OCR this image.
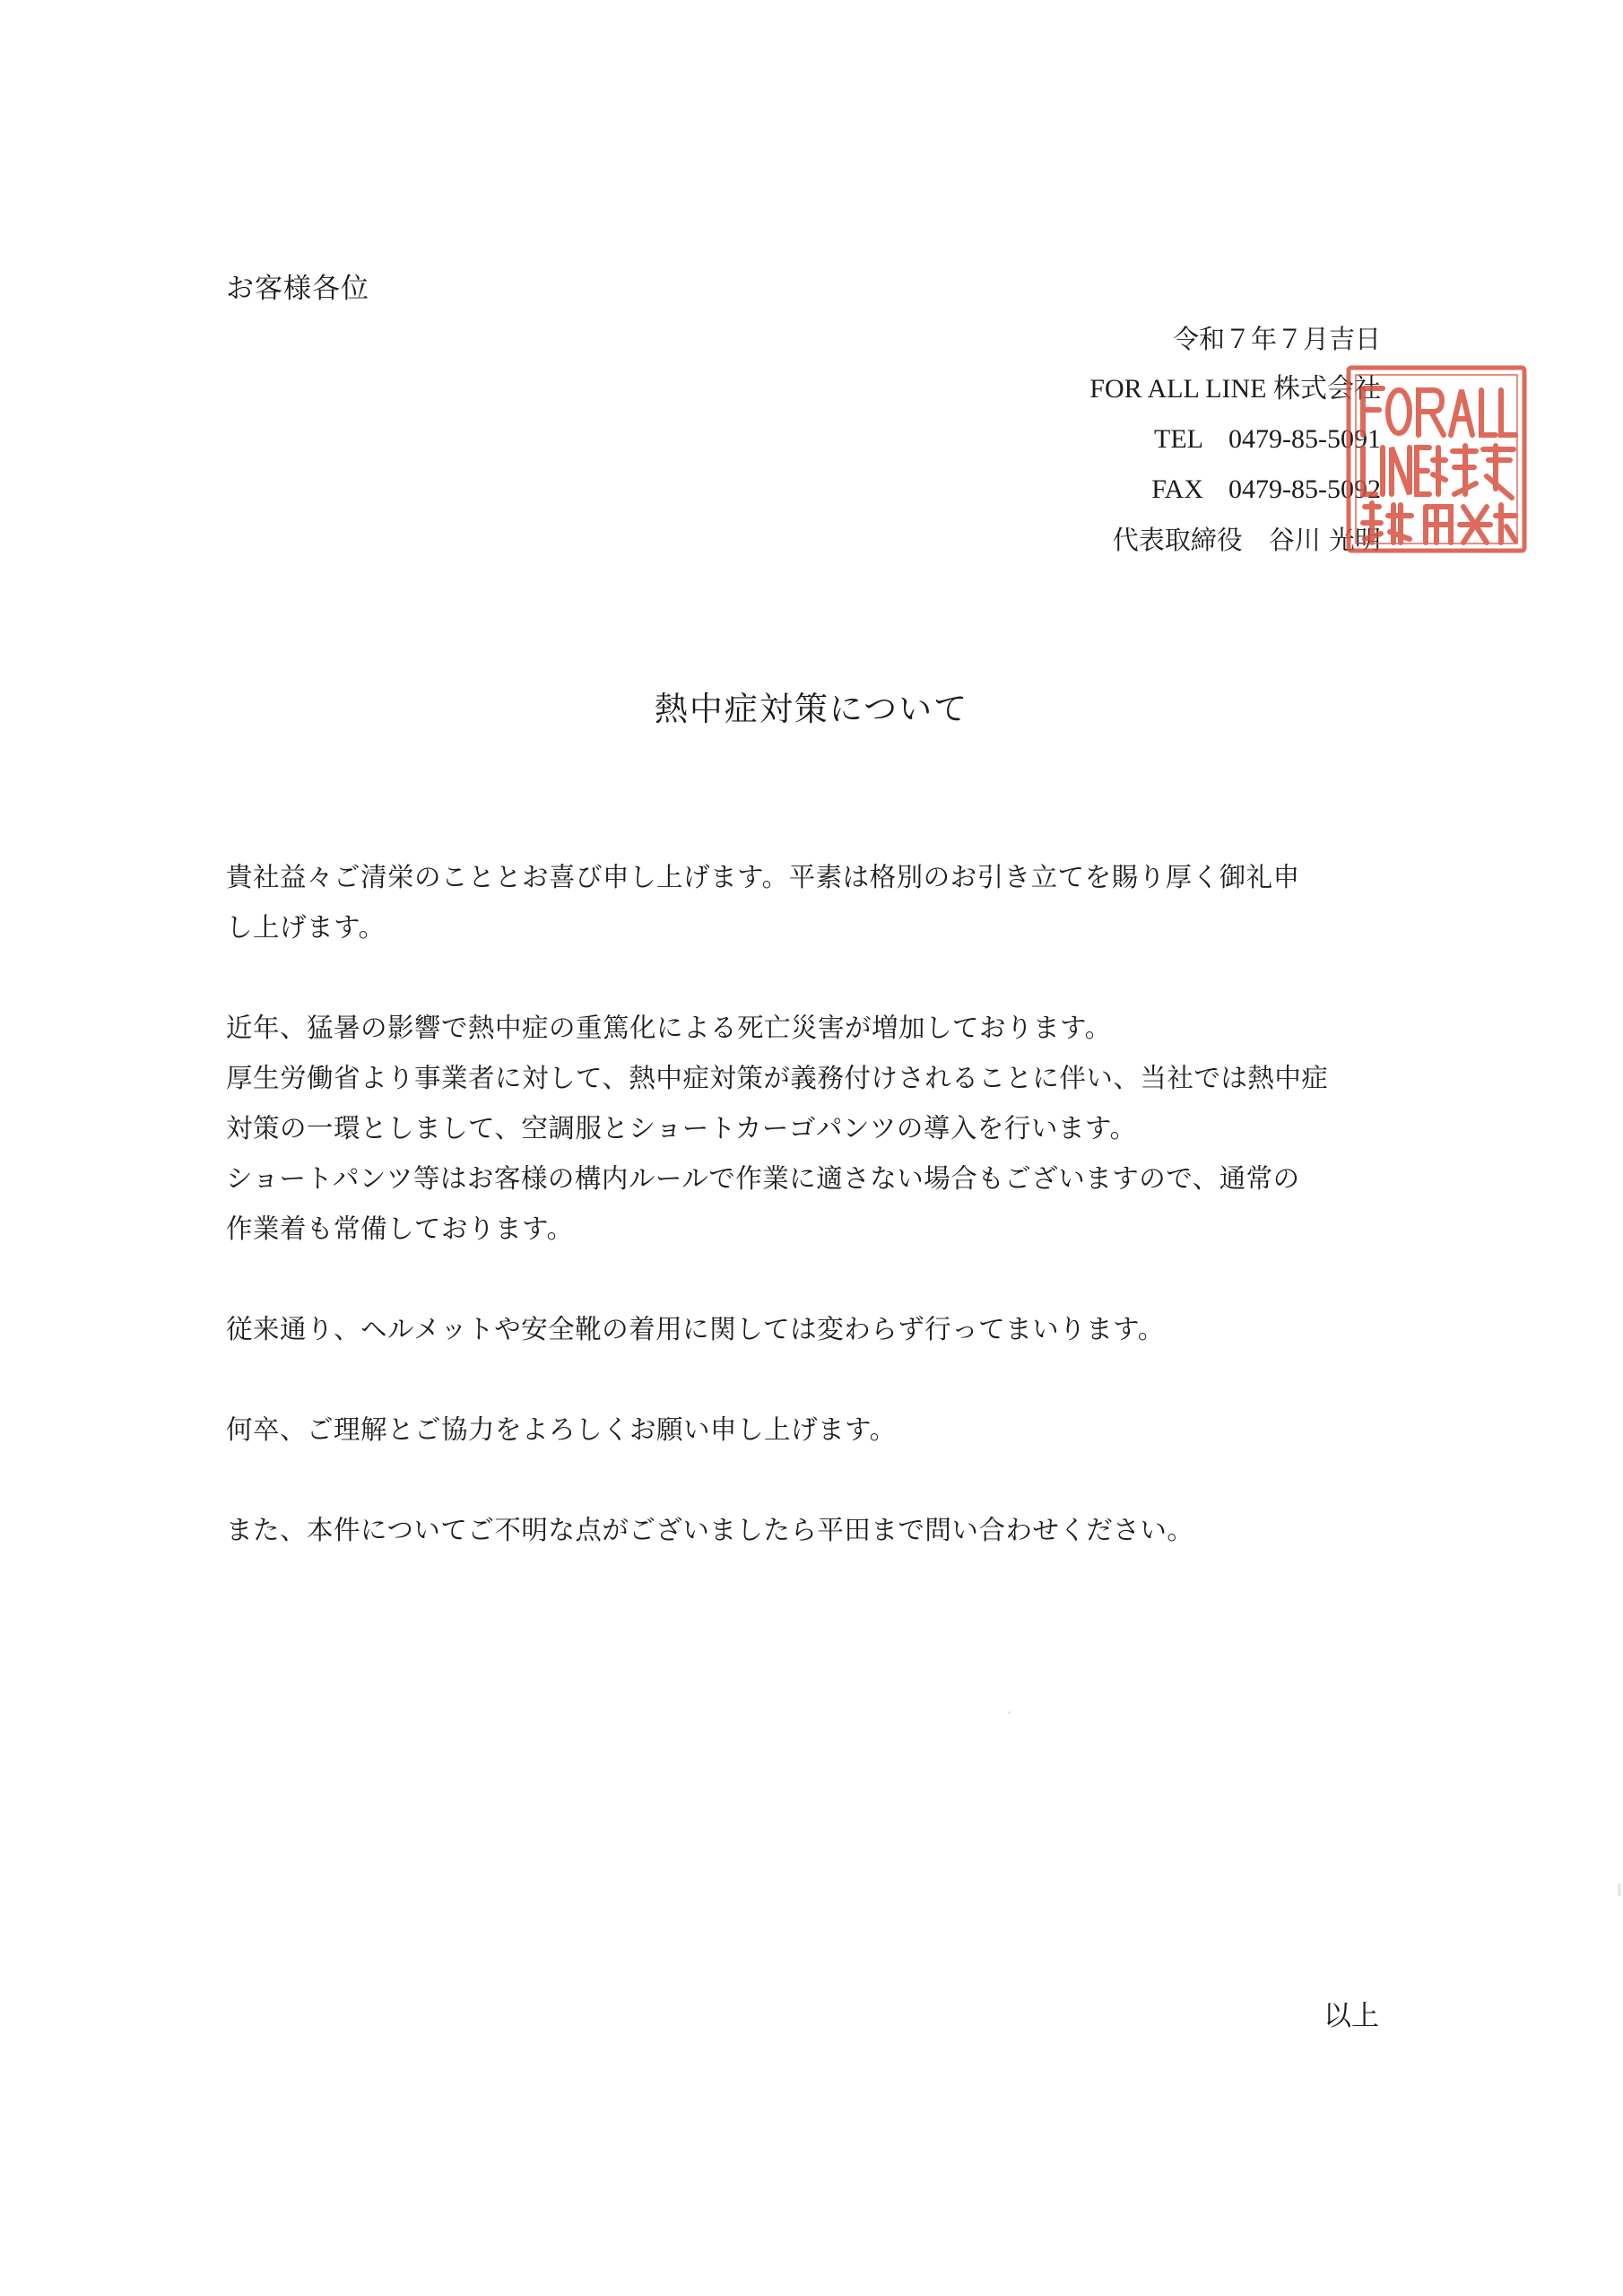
お客様各位
令和７年７月吉日
FOR ALL LINE 株式会社
TEL 0479-85-5091
FAX 0479-85-5092
代表取締役　 谷川 光明
熱中症対策について

貴社益々ご清栄のこととお喜び申し上げます。平素は格別のお引き立てを賜り厚く御礼申

し上げます。

近年、猛暑の影響で熱中症の重篤化による死亡災害が増加しております。

厚生労働省より事業者に対して、熱中症対策が義務付けされることに伴い、当社では熱中症

対策の一環としまして、空調服とショートカーゴパンツの導入を行います。

ショートパンツ等はお客様の構内ルールで作業に適さない場合もございますので、通常の

作業着も常備しております。

従来通り、ヘルメットや安全靴の着用に関しては変わらず行ってまいります。

何卒、ご理解とご協力をよろしくお願い申し上げます。

また、本件についてご不明な点がございましたら平田まで問い合わせください。

以上
